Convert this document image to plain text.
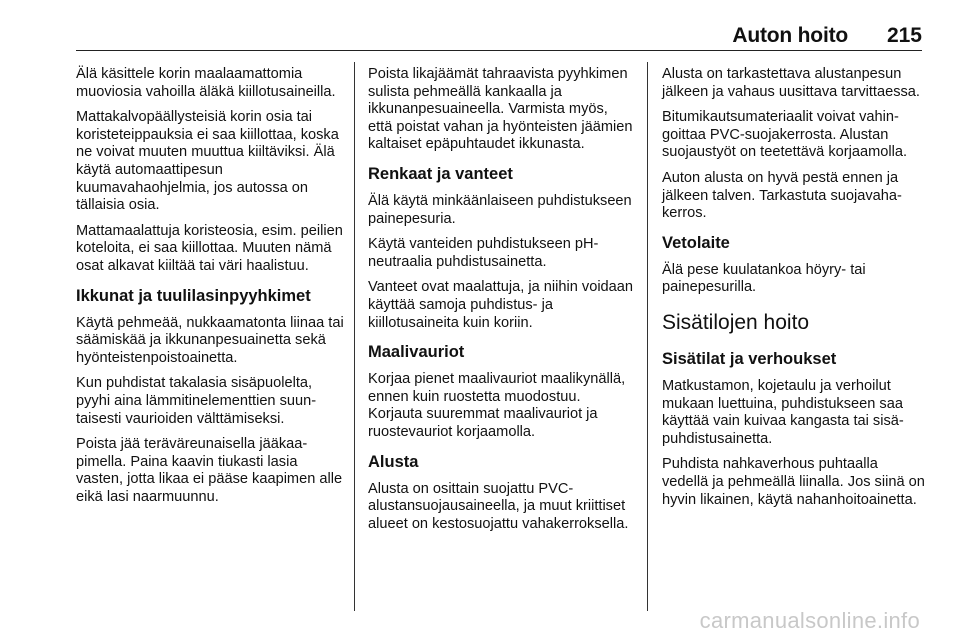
Auton hoito 215

Älä käsittele korin maalaamattomia muoviosia vahoilla äläkä kiillotusaineilla.

Mattakalvopäällysteisiä korin osia tai koristeteippauksia ei saa kiillottaa, koska ne voivat muuten muuttua kiiltäviksi. Älä käytä automaattipesun kuumavahaohjelmia, jos autossa on tällaisia osia.

Mattamaalattuja koristeosia, esim. peilien koteloita, ei saa kiillottaa. Muuten nämä osat alkavat kiiltää tai väri haalistuu.

Ikkunat ja tuulilasinpyyhkimet

Käytä pehmeää, nukkaamatonta liinaa tai säämiskää ja ikkunanpesuainetta sekä hyönteistenpoistoainetta.

Kun puhdistat takalasia sisäpuolelta, pyyhi aina lämmitinelementtien suuntaisesti vaurioiden välttämiseksi.

Poista jää teräväreunaisella jääkaapimella. Paina kaavin tiukasti lasia vasten, jotta likaa ei pääse kaapimen alle eikä lasi naarmuunnu.

Poista likajäämät tahraavista pyyhkimen sulista pehmeällä kankaalla ja ikkunanpesuaineella. Varmista myös, että poistat vahan ja hyönteisten jäämien kaltaiset epäpuhtaudet ikkunasta.

Renkaat ja vanteet

Älä käytä minkäänlaiseen puhdistukseen painepesuria.

Käytä vanteiden puhdistukseen pH-neutraalia puhdistusainetta.

Vanteet ovat maalattuja, ja niihin voidaan käyttää samoja puhdistus- ja kiillotusaineita kuin koriin.

Maalivauriot

Korjaa pienet maalivauriot maalikynällä, ennen kuin ruostetta muodostuu. Korjauta suuremmat maalivauriot ja ruostevauriot korjaamolla.

Alusta

Alusta on osittain suojattu PVC-alustansuojausaineella, ja muut kriittiset alueet on kestosuojattu vahakerroksella.

Alusta on tarkastettava alustanpesun jälkeen ja vahaus uusittava tarvittaessa.

Bitumikautsumateriaalit voivat vahingoittaa PVC-suojakerrosta. Alustan suojaustyöt on teetettävä korjaamolla.

Auton alusta on hyvä pestä ennen ja jälkeen talven. Tarkastuta suojavahakerros.

Vetolaite

Älä pese kuulatankoa höyry- tai painepesurilla.

Sisätilojen hoito
Sisätilat ja verhoukset

Matkustamon, kojetaulu ja verhoilut mukaan luettuina, puhdistukseen saa käyttää vain kuivaa kangasta tai sisäpuhdistusainetta.

Puhdista nahkaverhous puhtaalla vedellä ja pehmeällä liinalla. Jos siinä on hyvin likainen, käytä nahanhoitoainetta.

carmanualsonline.info
